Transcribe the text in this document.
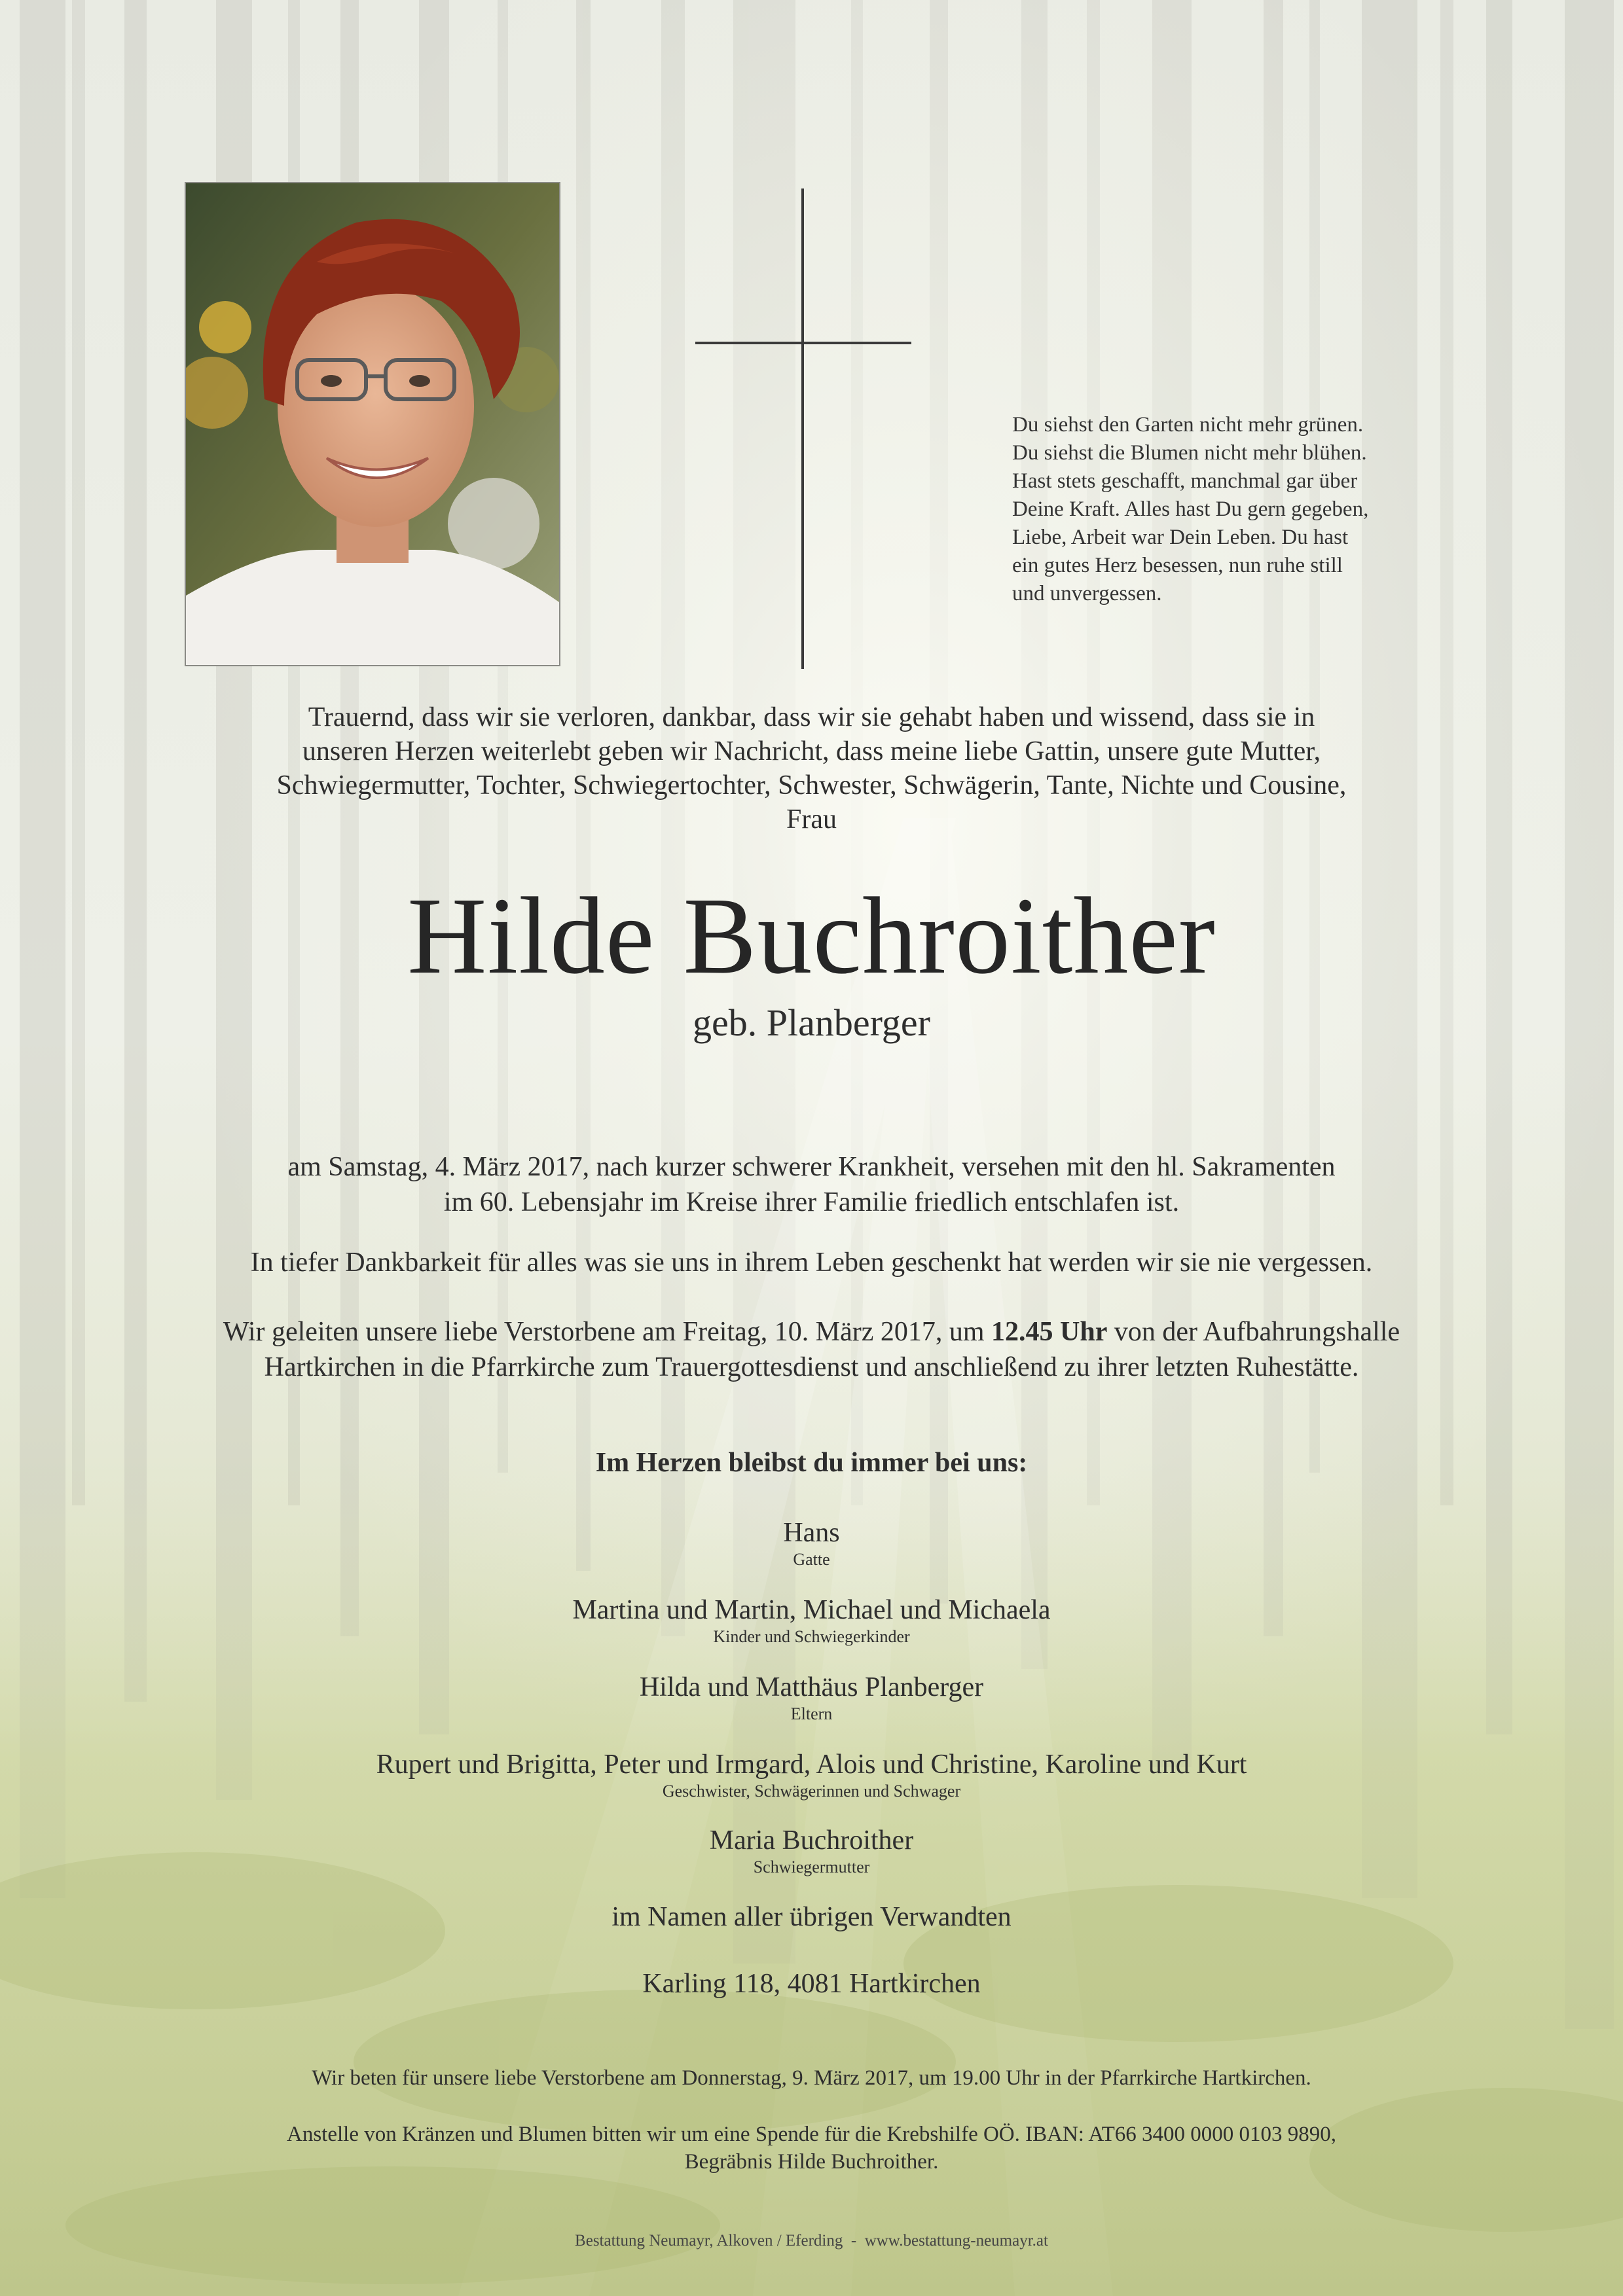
Du siehst den Garten nicht mehr grünen.
Du siehst die Blumen nicht mehr blühen.
Hast stets geschafft, manchmal gar über
Deine Kraft. Alles hast Du gern gegeben,
Liebe, Arbeit war Dein Leben. Du hast
ein gutes Herz besessen, nun ruhe still
und unvergessen.
Trauernd, dass wir sie verloren, dankbar, dass wir sie gehabt haben und wissend, dass sie in
unseren Herzen weiterlebt geben wir Nachricht, dass meine liebe Gattin, unsere gute Mutter,
Schwiegermutter, Tochter, Schwiegertochter, Schwester, Schwägerin, Tante, Nichte und Cousine,
Frau
Hilde Buchroither
geb. Planberger
am Samstag, 4. März 2017, nach kurzer schwerer Krankheit, versehen mit den hl. Sakramenten
im 60. Lebensjahr im Kreise ihrer Familie friedlich entschlafen ist.
In tiefer Dankbarkeit für alles was sie uns in ihrem Leben geschenkt hat werden wir sie nie vergessen.
Wir geleiten unsere liebe Verstorbene am Freitag, 10. März 2017, um 12.45 Uhr von der Aufbahrungshalle
Hartkirchen in die Pfarrkirche zum Trauergottesdienst und anschließend zu ihrer letzten Ruhestätte.
Im Herzen bleibst du immer bei uns:
Hans
Gatte
Martina und Martin, Michael und Michaela
Kinder und Schwiegerkinder
Hilda und Matthäus Planberger
Eltern
Rupert und Brigitta, Peter und Irmgard, Alois und Christine, Karoline und Kurt
Geschwister, Schwägerinnen und Schwager
Maria Buchroither
Schwiegermutter
im Namen aller übrigen Verwandten
Karling 118, 4081 Hartkirchen
Wir beten für unsere liebe Verstorbene am Donnerstag, 9. März 2017, um 19.00 Uhr in der Pfarrkirche Hartkirchen.
Anstelle von Kränzen und Blumen bitten wir um eine Spende für die Krebshilfe OÖ. IBAN: AT66 3400 0000 0103 9890,
Begräbnis Hilde Buchroither.
Bestattung Neumayr, Alkoven / Eferding  -  www.bestattung-neumayr.at
